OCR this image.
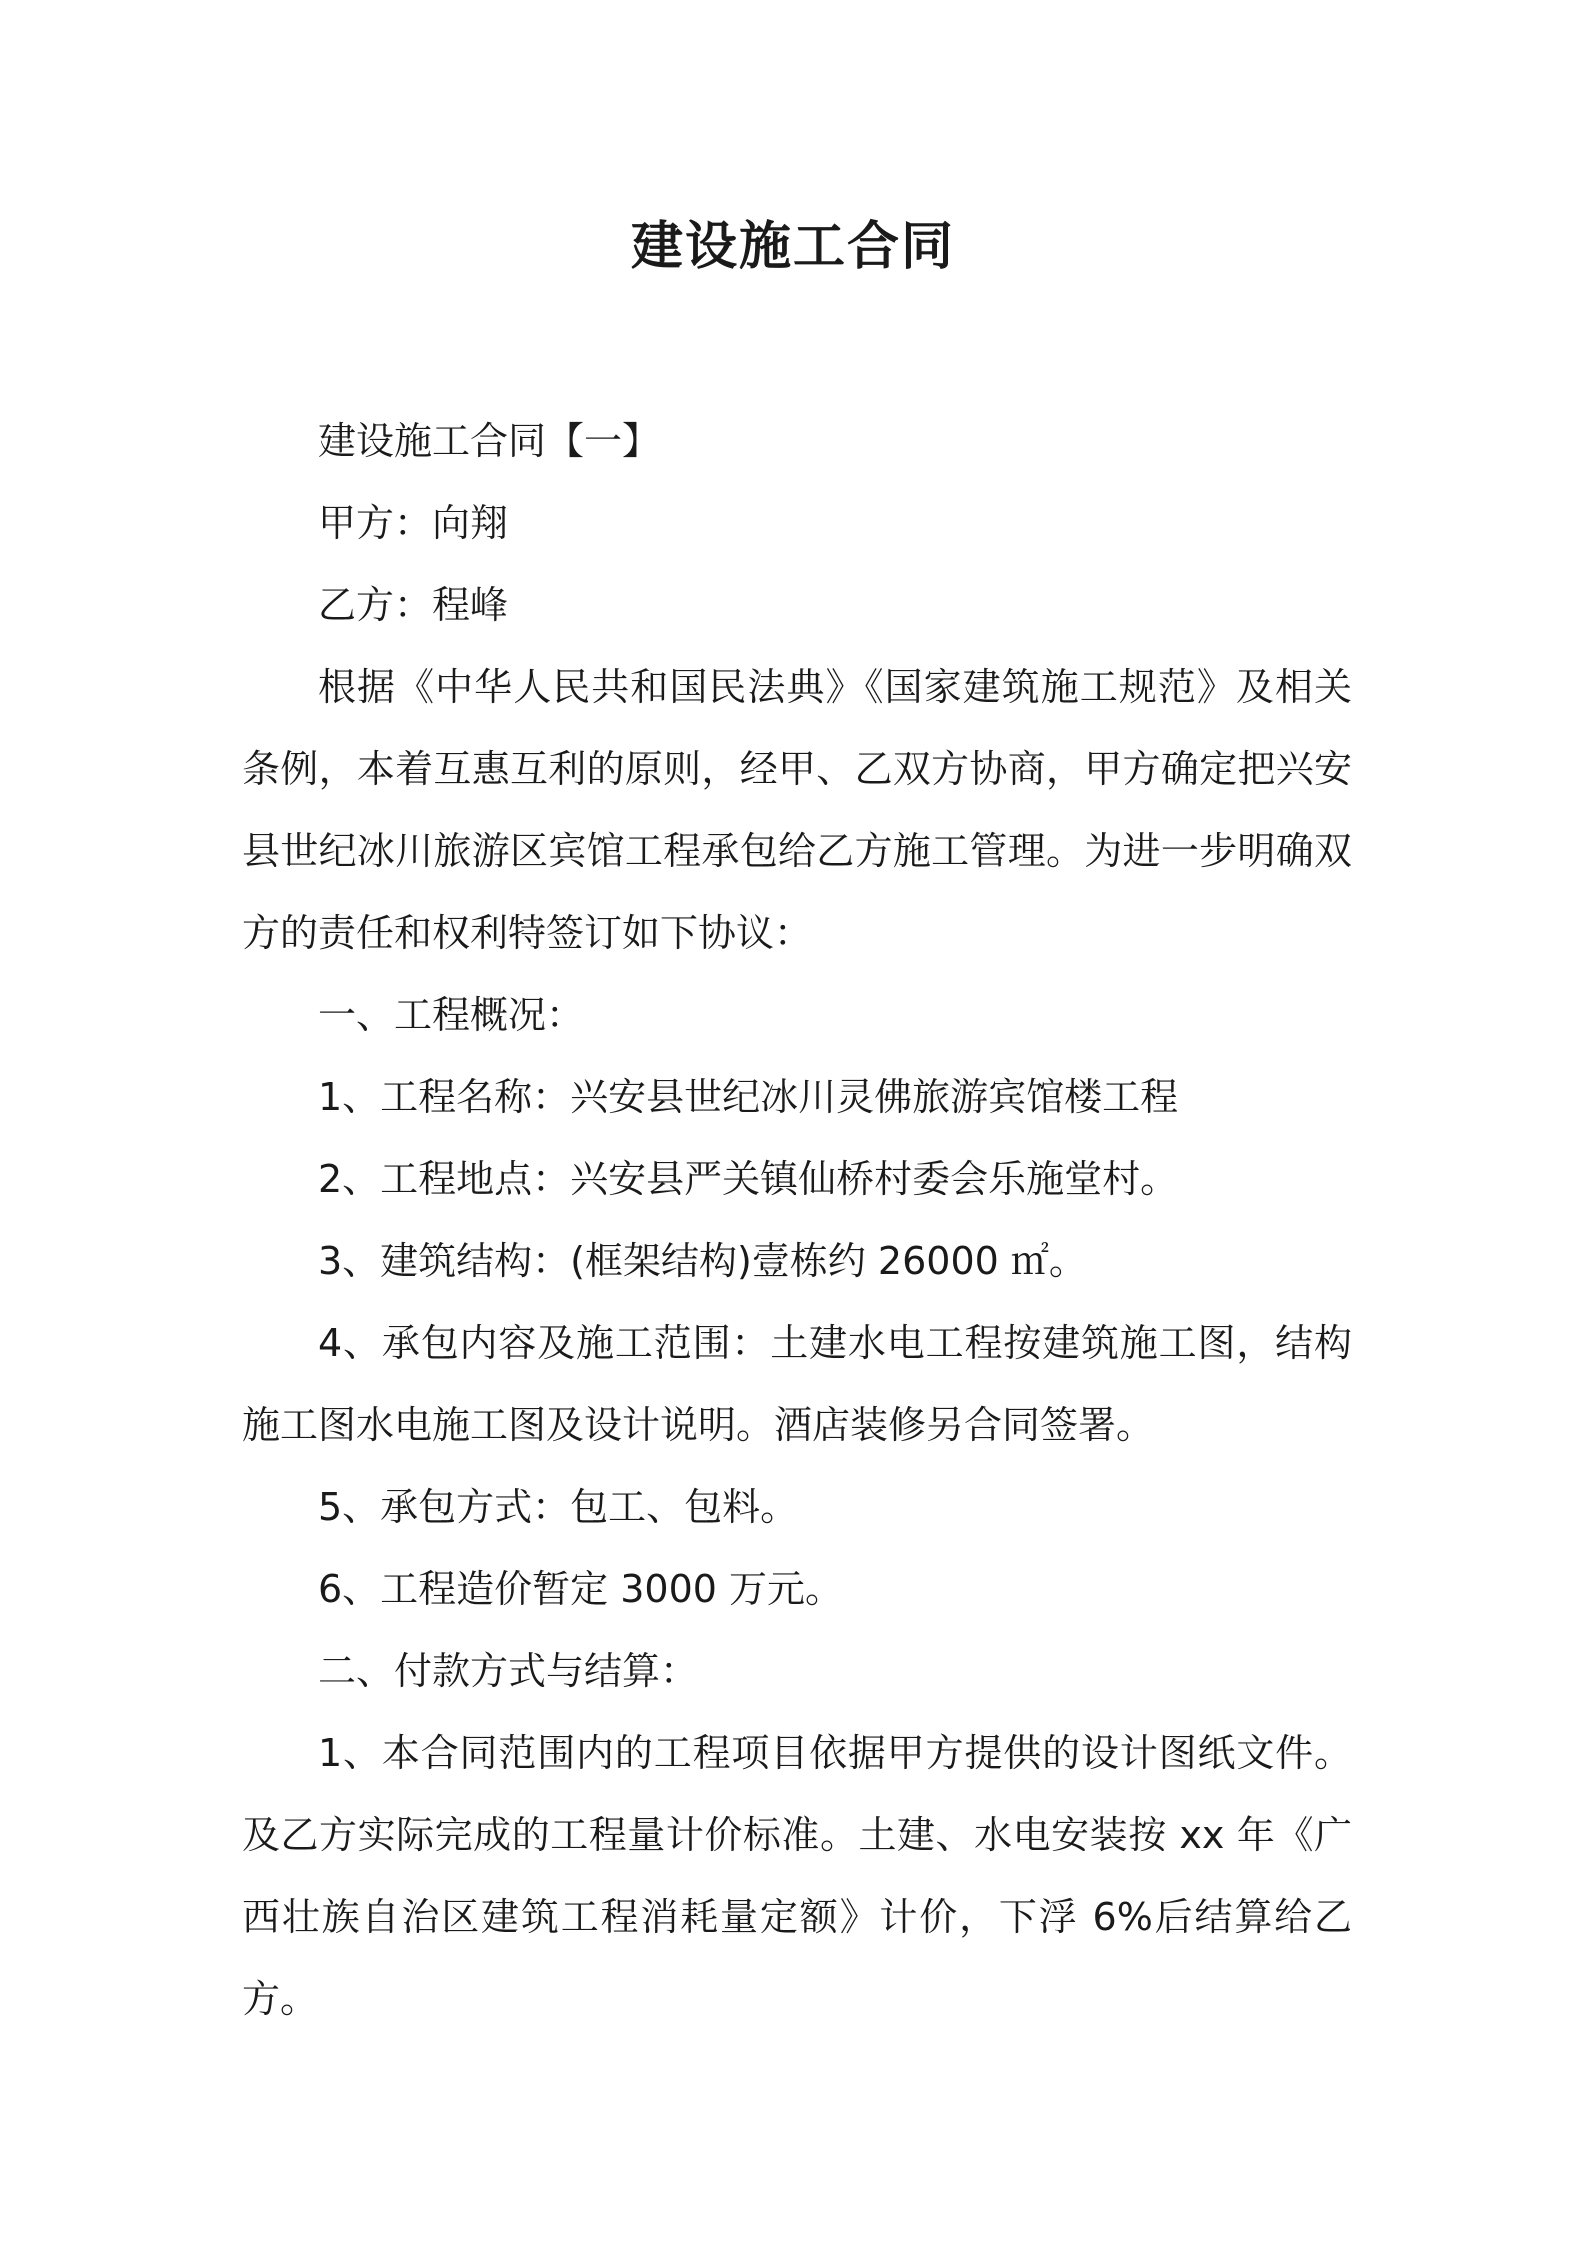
建设施工合同

建设施工合同【一】

甲方：向翔

乙方：程峰

根据《中华人民共和国民法典》《国家建筑施工规范》及相关条例，本着互惠互利的原则，经甲、乙双方协商，甲方确定把兴安县世纪冰川旅游区宾馆工程承包给乙方施工管理。为进一步明确双方的责任和权利特签订如下协议：

一、工程概况：

1、工程名称：兴安县世纪冰川灵佛旅游宾馆楼工程

2、工程地点：兴安县严关镇仙桥村委会乐施堂村。

3、建筑结构：(框架结构)壹栋约 26000 ㎡。

4、承包内容及施工范围：土建水电工程按建筑施工图，结构施工图水电施工图及设计说明。酒店装修另合同签署。

5、承包方式：包工、包料。

6、工程造价暂定 3000 万元。

二、付款方式与结算：

1、本合同范围内的工程项目依据甲方提供的设计图纸文件。及乙方实际完成的工程量计价标准。土建、水电安装按 xx 年《广西壮族自治区建筑工程消耗量定额》计价，下浮 6%后结算给乙方。
